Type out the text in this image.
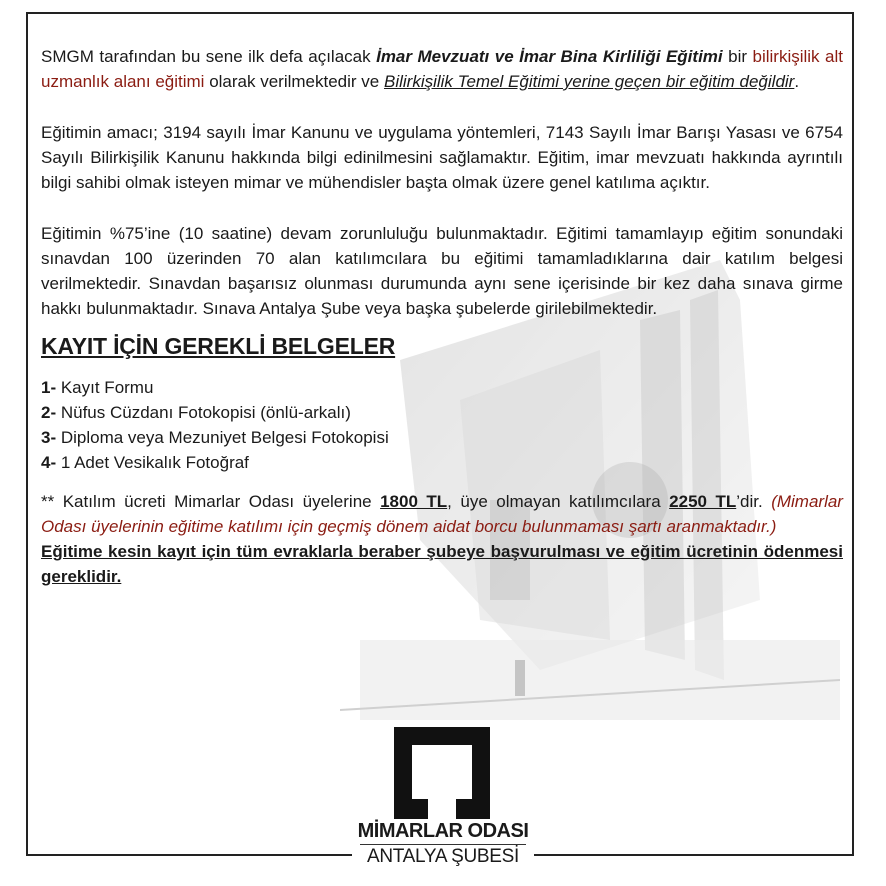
SMGM tarafından bu sene ilk defa açılacak İmar Mevzuatı ve İmar Bina Kirliliği Eğitimi bir bilirkişilik alt uzmanlık alanı eğitimi olarak verilmektedir ve Bilirkişilik Temel Eğitimi yerine geçen bir eğitim değildir.

Eğitimin amacı; 3194 sayılı İmar Kanunu ve uygulama yöntemleri, 7143 Sayılı İmar Barışı Yasası ve 6754 Sayılı Bilirkişilik Kanunu hakkında bilgi edinilmesini sağlamaktır. Eğitim, imar mevzuatı hakkında ayrıntılı bilgi sahibi olmak isteyen mimar ve mühendisler başta olmak üzere genel katılıma açıktır.

Eğitimin %75’ine (10 saatine) devam zorunluluğu bulunmaktadır. Eğitimi tamamlayıp eğitim sonundaki sınavdan 100 üzerinden 70 alan katılımcılara bu eğitimi tamamladıklarına dair katılım belgesi verilmektedir. Sınavdan başarısız olunması durumunda aynı sene içerisinde bir kez daha sınava girme hakkı bulunmaktadır. Sınava Antalya Şube veya başka şubelerde girilebilmektedir.

KAYIT İÇİN GEREKLİ BELGELER
1- Kayıt Formu
2- Nüfus Cüzdanı Fotokopisi (önlü-arkalı)
3- Diploma veya Mezuniyet Belgesi Fotokopisi
4- 1 Adet Vesikalık Fotoğraf

** Katılım ücreti Mimarlar Odası üyelerine 1800 TL, üye olmayan katılımcılara 2250 TL’dir. (Mimarlar Odası üyelerinin eğitime katılımı için geçmiş dönem aidat borcu bulunmaması şartı aranmaktadır.)

Eğitime kesin kayıt için tüm evraklarla beraber şubeye başvurulması ve eğitim ücretinin ödenmesi gereklidir.

MİMARLAR ODASI
ANTALYA ŞUBESİ
